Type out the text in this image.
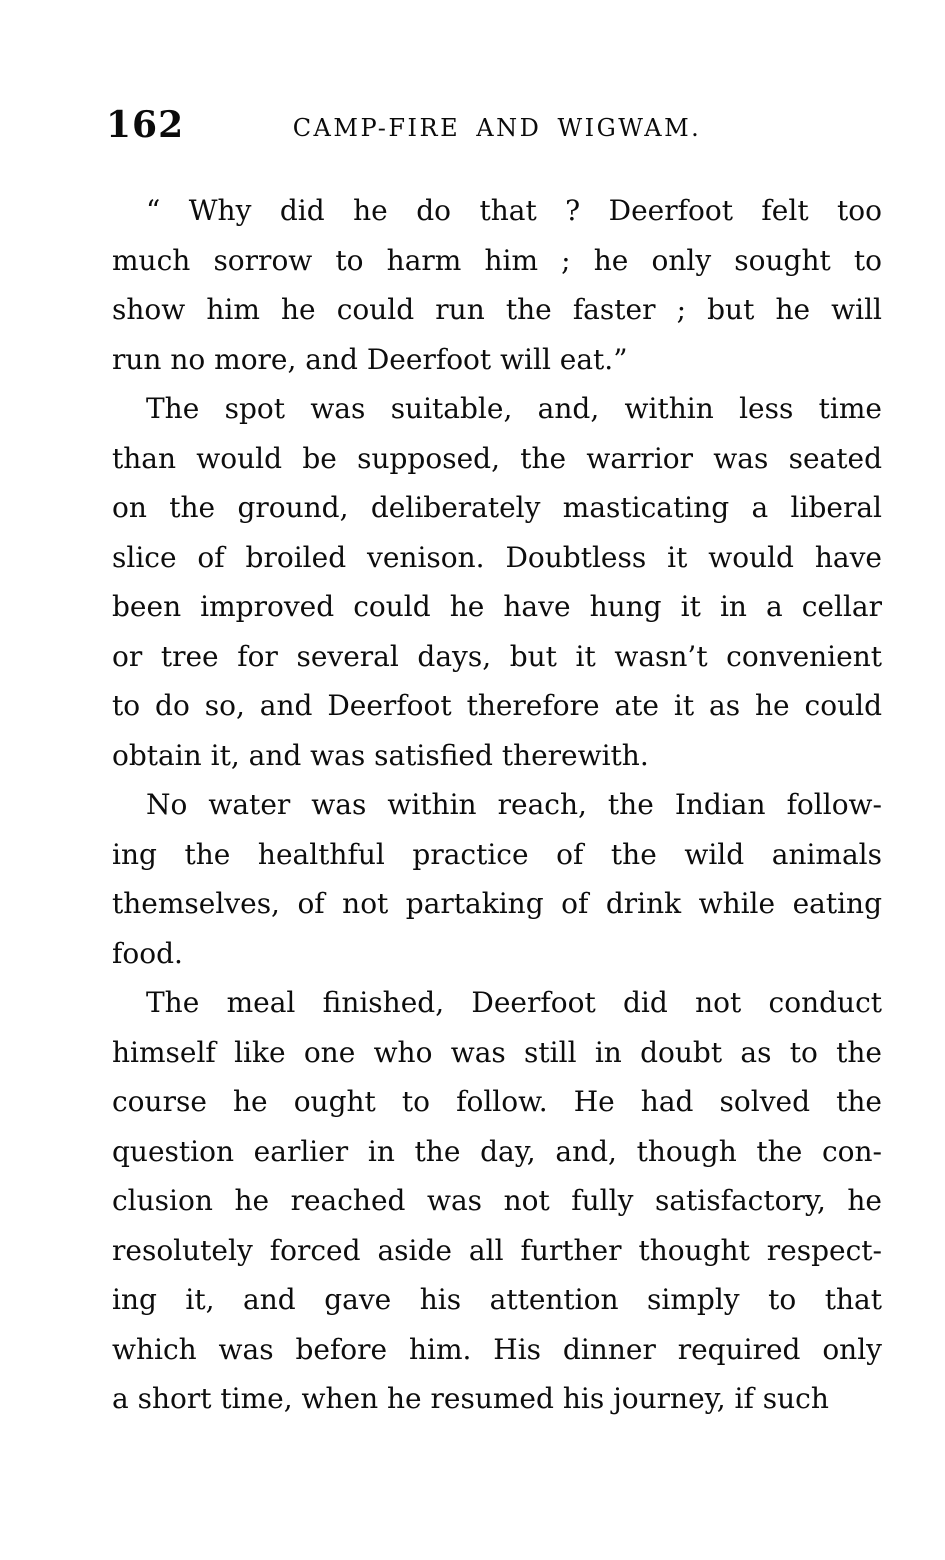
162	CAMP-FIRE AND WIGWAM.
“ Why did he do that ? Deerfoot felt too
much sorrow to harm him ; he only sought to
show him he could run the faster ; but he will
run no more, and Deerfoot will eat.”
The spot was suitable, and, within less time
than would be supposed, the warrior was seated
on the ground, deliberately masticating a liberal
slice of broiled venison. Doubtless it would have
been improved could he have hung it in a cellar
or tree for several days, but it wasn’t convenient
to do so, and Deerfoot therefore ate it as he could
obtain it, and was satisfied therewith.
No water was within reach, the Indian follow-
ing the healthful practice of the wild animals
themselves, of not partaking of drink while eating
food.
The meal finished, Deerfoot did not conduct
himself like one who was still in doubt as to the
course he ought to follow. He had solved the
question earlier in the day, and, though the con-
clusion he reached was not fully satisfactory, he
resolutely forced aside all further thought respect-
ing it, and gave his attention simply to that
which was before him. His dinner required only
a short time, when he resumed his journey, if such
